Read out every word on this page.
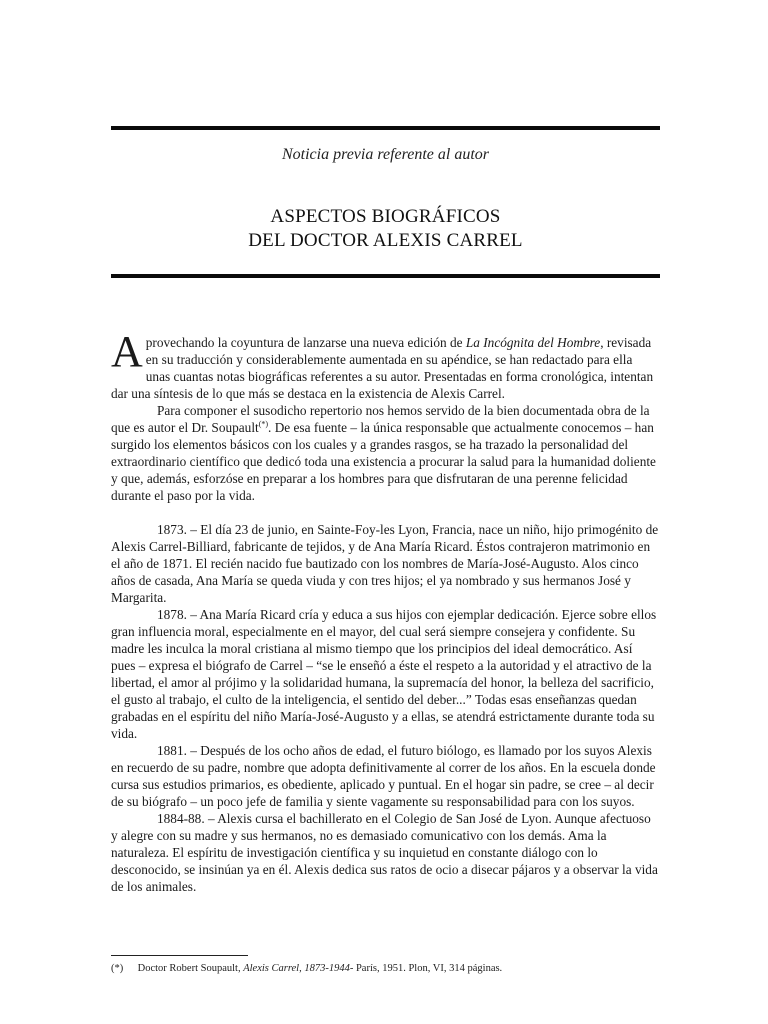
Noticia previa referente al autor
ASPECTOS BIOGRÁFICOS
DEL DOCTOR ALEXIS CARREL

Aprovechando la coyuntura de lanzarse una nueva edición de La Incógnita del Hombre, revisada en su traducción y considerablemente aumentada en su apéndice, se han redactado para ella unas cuantas notas biográficas referentes a su autor. Presentadas en forma cronológica, intentan dar una síntesis de lo que más se destaca en la existencia de Alexis Carrel.

Para componer el susodicho repertorio nos hemos servido de la bien documentada obra de la que es autor el Dr. Soupault(*). De esa fuente – la única responsable que actualmente conocemos – han surgido los elementos básicos con los cuales y a grandes rasgos, se ha trazado la personalidad del extraordinario científico que dedicó toda una existencia a procurar la salud para la humanidad doliente y que, además, esforzóse en preparar a los hombres para que disfrutaran de una perenne felicidad durante el paso por la vida.

1873. – El día 23 de junio, en Sainte-Foy-les Lyon, Francia, nace un niño, hijo primogénito de Alexis Carrel-Billiard, fabricante de tejidos, y de Ana María Ricard. Éstos contrajeron matrimonio en el año de 1871. El recién nacido fue bautizado con los nombres de María-José-Augusto. Alos cinco años de casada, Ana María se queda viuda y con tres hijos; el ya nombrado y sus hermanos José y Margarita.

1878. – Ana María Ricard cría y educa a sus hijos con ejemplar dedicación. Ejerce sobre ellos gran influencia moral, especialmente en el mayor, del cual será siempre consejera y confidente. Su madre les inculca la moral cristiana al mismo tiempo que los principios del ideal democrático. Así pues – expresa el biógrafo de Carrel – “se le enseñó a éste el respeto a la autoridad y el atractivo de la libertad, el amor al prójimo y la solidaridad humana, la supremacía del honor, la belleza del sacrificio, el gusto al trabajo, el culto de la inteligencia, el sentido del deber...” Todas esas enseñanzas quedan grabadas en el espíritu del niño María-José-Augusto y a ellas, se atendrá estrictamente durante toda su vida.

1881. – Después de los ocho años de edad, el futuro biólogo, es llamado por los suyos Alexis en recuerdo de su padre, nombre que adopta definitivamente al correr de los años. En la escuela donde cursa sus estudios primarios, es obediente, aplicado y puntual. En el hogar sin padre, se cree – al decir de su biógrafo – un poco jefe de familia y siente vagamente su responsabilidad para con los suyos.

1884-88. – Alexis cursa el bachillerato en el Colegio de San José de Lyon. Aunque afectuoso y alegre con su madre y sus hermanos, no es demasiado comunicativo con los demás. Ama la naturaleza. El espíritu de investigación científica y su inquietud en constante diálogo con lo desconocido, se insinúan ya en él. Alexis dedica sus ratos de ocio a disecar pájaros y a observar la vida de los animales.

(*) Doctor Robert Soupault, Alexis Carrel, 1873-1944- París, 1951. Plon, VI, 314 páginas.
